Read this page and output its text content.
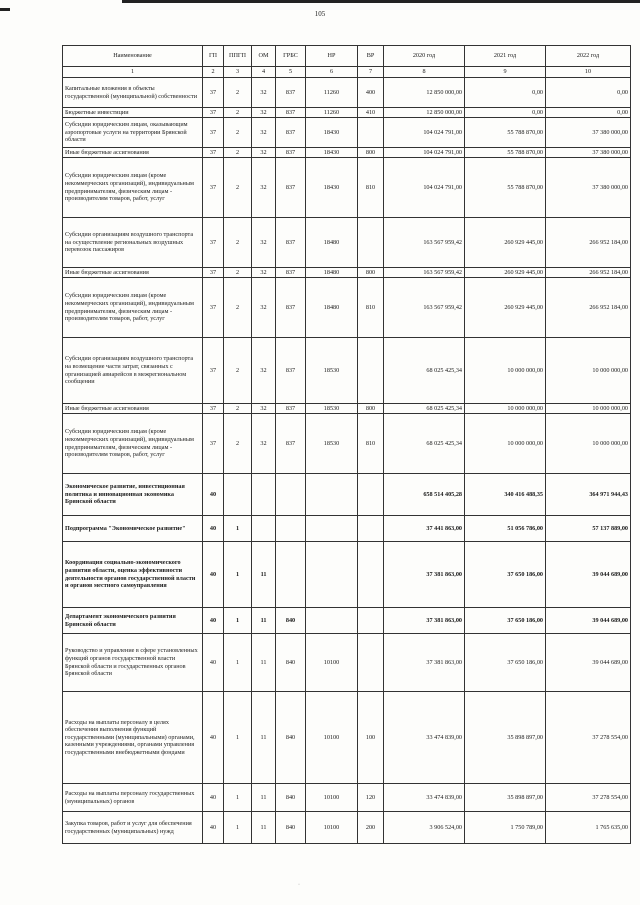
105
Наименование	ГП	ППГП	ОМ	ГРБС	НР	ВР	2020 год	2021 год	2022 год
1	2	3	4	5	6	7	8	9	10
Капитальные вложения в объекты государственной (муниципальной) собственности	37	2	32	837	11260	400	12 850 000,00	0,00	0,00
Бюджетные инвестиции	37	2	32	837	11260	410	12 850 000,00	0,00	0,00
Субсидии юридическим лицам, оказывающим аэропортовые услуги на территории Брянской области	37	2	32	837	18430		104 024 791,00	55 788 870,00	37 380 000,00
Иные бюджетные ассигнования	37	2	32	837	18430	800	104 024 791,00	55 788 870,00	37 380 000,00
Субсидии юридическим лицам (кроме некоммерческих организаций), индивидуальным предпринимателям, физическим лицам - производителям товаров, работ, услуг	37	2	32	837	18430	810	104 024 791,00	55 788 870,00	37 380 000,00
Субсидии организациям воздушного транспорта на осуществление региональных воздушных перевозок пассажиров	37	2	32	837	18480		163 567 959,42	260 929 445,00	266 952 184,00
Иные бюджетные ассигнования	37	2	32	837	18480	800	163 567 959,42	260 929 445,00	266 952 184,00
Субсидии юридическим лицам (кроме некоммерческих организаций), индивидуальным предпринимателям, физическим лицам - производителям товаров, работ, услуг	37	2	32	837	18480	810	163 567 959,42	260 929 445,00	266 952 184,00
Субсидии организациям воздушного транспорта на возмещение части затрат, связанных с организацией авиарейсов в межрегиональном сообщении	37	2	32	837	18530		68 025 425,34	10 000 000,00	10 000 000,00
Иные бюджетные ассигнования	37	2	32	837	18530	800	68 025 425,34	10 000 000,00	10 000 000,00
Субсидии юридическим лицам (кроме некоммерческих организаций), индивидуальным предпринимателям, физическим лицам - производителям товаров, работ, услуг	37	2	32	837	18530	810	68 025 425,34	10 000 000,00	10 000 000,00
Экономическое развитие, инвестиционная политика и инновационная экономика Брянской области	40						658 514 405,28	340 416 488,35	364 971 944,43
Подпрограмма "Экономическое развитие"	40	1					37 441 863,00	51 056 786,00	57 137 889,00
Координация социально-экономического развития области, оценка эффективности деятельности органов государственной власти и органов местного самоуправления	40	1	11				37 381 863,00	37 650 186,00	39 044 689,00
Департамент экономического развития Брянской области	40	1	11	840			37 381 863,00	37 650 186,00	39 044 689,00
Руководство и управление в сфере установленных функций органов государственной власти Брянской области и государственных органов Брянской области	40	1	11	840	10100		37 381 863,00	37 650 186,00	39 044 689,00
Расходы на выплаты персоналу в целях обеспечения выполнения функций государственными (муниципальными) органами, казенными учреждениями, органами управления государственными внебюджетными фондами	40	1	11	840	10100	100	33 474 839,00	35 898 897,00	37 278 554,00
Расходы на выплаты персоналу государственных (муниципальных) органов	40	1	11	840	10100	120	33 474 839,00	35 898 897,00	37 278 554,00
Закупка товаров, работ и услуг для обеспечения государственных (муниципальных) нужд	40	1	11	840	10100	200	3 906 524,00	1 750 789,00	1 765 635,00
·
